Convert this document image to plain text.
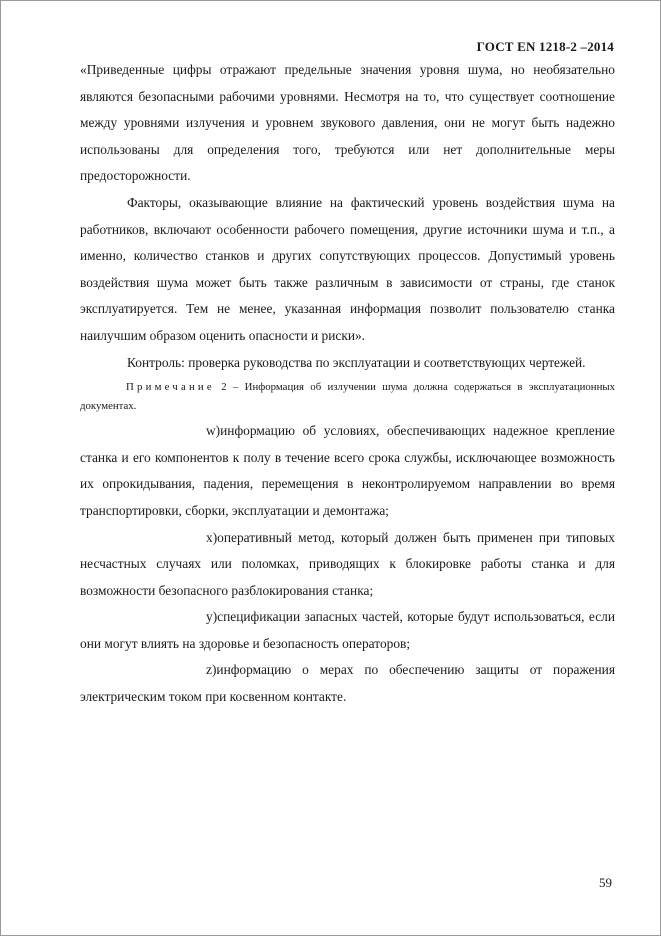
ГОСТ EN 1218-2 –2014

«Приведенные цифры отражают предельные значения уровня шума, но необязательно являются безопасными рабочими уровнями. Несмотря на то, что существует соотношение между уровнями излучения и уровнем звукового давления, они не могут быть надежно использованы для определения того, требуются или нет дополнительные меры предосторожности.

Факторы, оказывающие влияние на фактический уровень воздействия шума на работников, включают особенности рабочего помещения, другие источники шума и т.п., а именно, количество станков и других сопутствующих процессов. Допустимый уровень воздействия шума может быть также различным в зависимости от страны, где станок эксплуатируется. Тем не менее, указанная информация позволит пользователю станка наилучшим образом оценить опасности и риски».

Контроль: проверка руководства по эксплуатации и соответствующих чертежей.

Примечание 2 – Информация об излучении шума должна содержаться в эксплуатационных документах.

w)информацию об условиях, обеспечивающих надежное крепление станка и его компонентов к полу в течение всего срока службы, исключающее возможность их опрокидывания, падения, перемещения в неконтролируемом направлении во время транспортировки, сборки, эксплуатации и демонтажа;

x)оперативный метод, который должен быть применен при типовых несчастных случаях или поломках, приводящих к блокировке работы станка и для возможности безопасного разблокирования станка;

y)спецификации запасных частей, которые будут использоваться, если они могут влиять на здоровье и безопасность операторов;

z)информацию о мерах по обеспечению защиты от поражения электрическим током при косвенном контакте.

59
